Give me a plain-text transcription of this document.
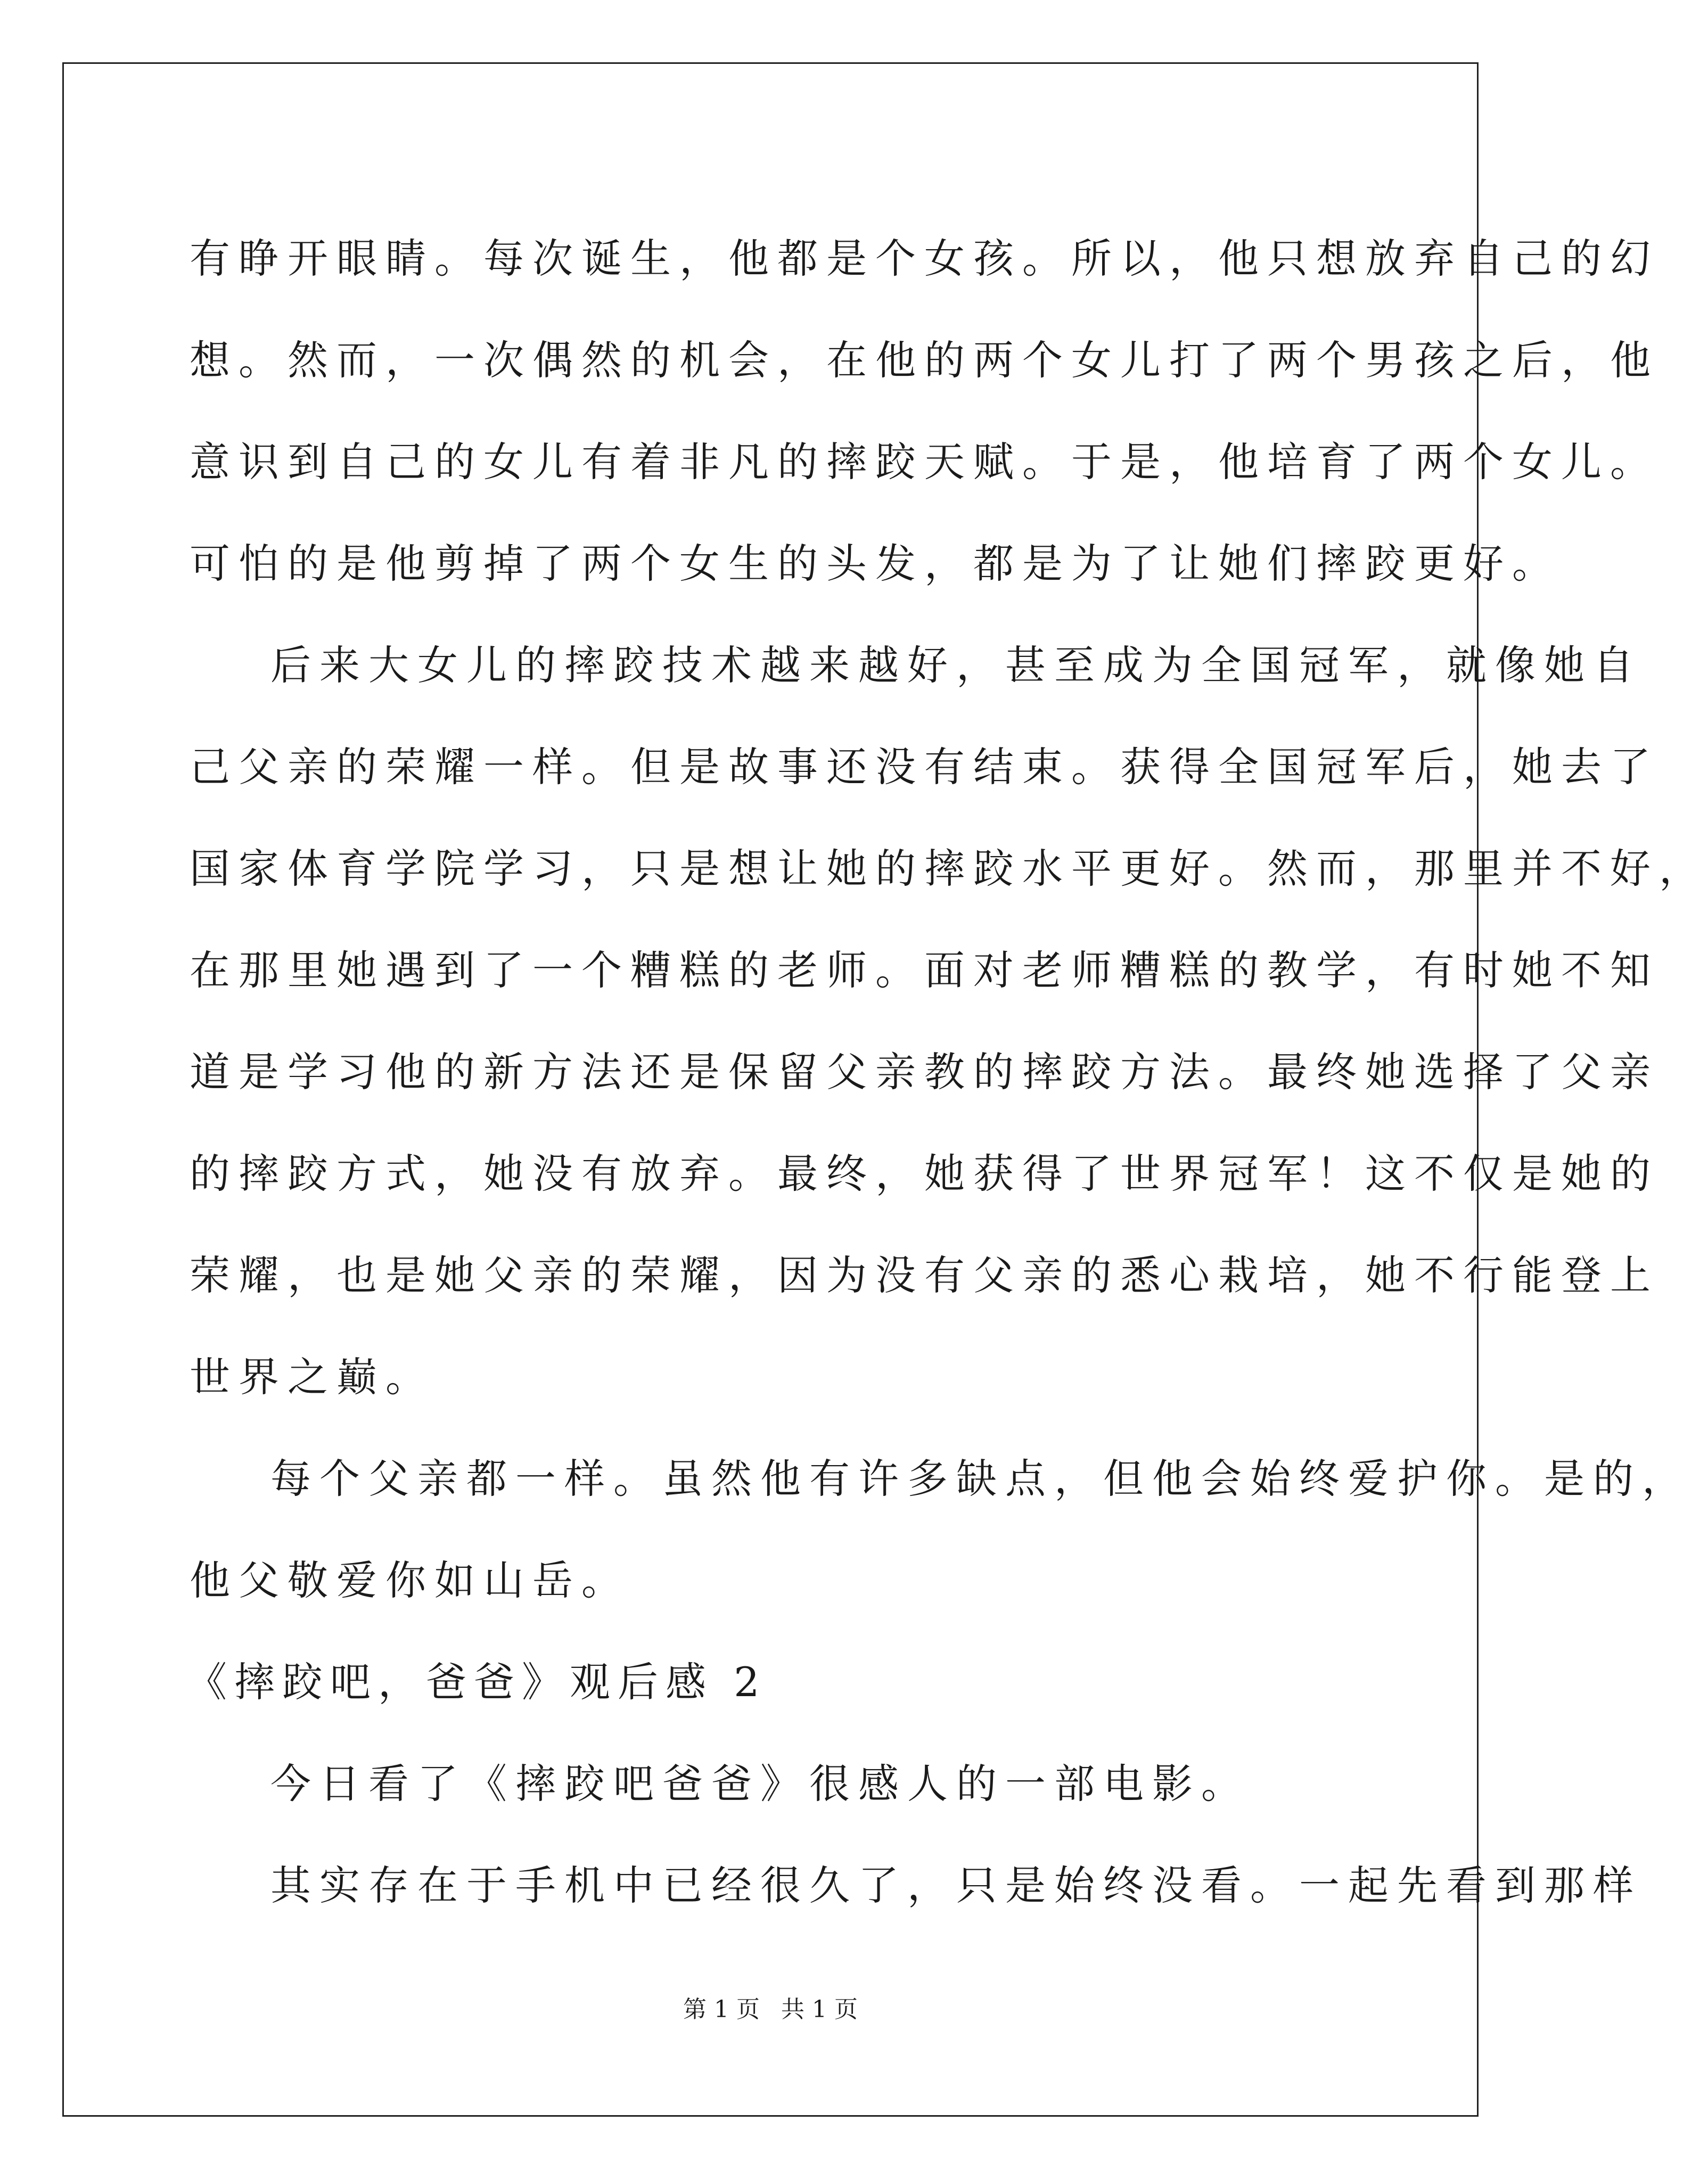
有睁开眼睛。每次诞生，他都是个女孩。所以，他只想放弃自己的幻
想。然而，一次偶然的机会，在他的两个女儿打了两个男孩之后，他
意识到自己的女儿有着非凡的摔跤天赋。于是，他培育了两个女儿。
可怕的是他剪掉了两个女生的头发，都是为了让她们摔跤更好。
后来大女儿的摔跤技术越来越好，甚至成为全国冠军，就像她自
己父亲的荣耀一样。但是故事还没有结束。获得全国冠军后，她去了
国家体育学院学习，只是想让她的摔跤水平更好。然而，那里并不好，
在那里她遇到了一个糟糕的老师。面对老师糟糕的教学，有时她不知
道是学习他的新方法还是保留父亲教的摔跤方法。最终她选择了父亲
的摔跤方式，她没有放弃。最终，她获得了世界冠军！这不仅是她的
荣耀，也是她父亲的荣耀，因为没有父亲的悉心栽培，她不行能登上
世界之巅。
每个父亲都一样。虽然他有许多缺点，但他会始终爱护你。是的，
他父敬爱你如山岳。
《摔跤吧，爸爸》观后感 2
今日看了《摔跤吧爸爸》很感人的一部电影。
其实存在于手机中已经很久了，只是始终没看。一起先看到那样
第 1 页 共 1 页
